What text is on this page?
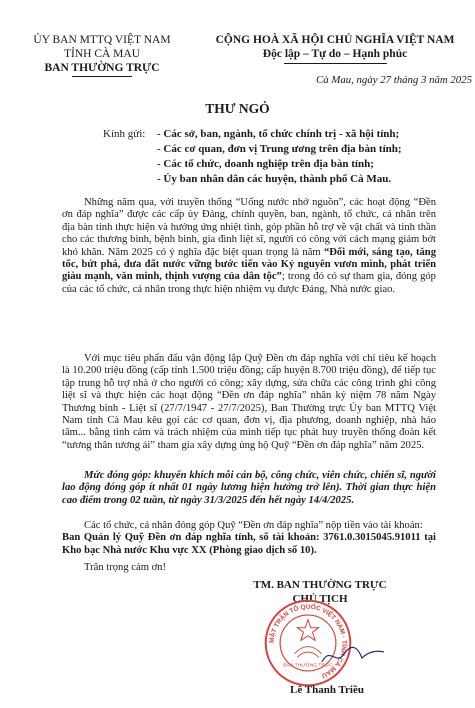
ỦY BAN MTTQ VIỆT NAM
TỈNH CÀ MAU
BAN THƯỜNG TRỰC
CỘNG HOÀ XÃ HỘI CHỦ NGHĨA VIỆT NAM
Độc lập – Tự do – Hạnh phúc
Cà Mau, ngày 27 tháng 3 năm 2025
THƯ NGỎ
Kính gửi: - Các sở, ban, ngành, tổ chức chính trị - xã hội tỉnh;
- Các cơ quan, đơn vị Trung ương trên địa bàn tỉnh;
- Các tổ chức, doanh nghiệp trên địa bàn tỉnh;
- Ủy ban nhân dân các huyện, thành phố Cà Mau.
Những năm qua, với truyền thống “Uống nước nhớ nguồn”, các hoạt động “Đền ơn đáp nghĩa” được các cấp ủy Đảng, chính quyền, ban, ngành, tổ chức, cá nhân trên địa bàn tỉnh thực hiện và hưởng ứng nhiệt tình, góp phần hỗ trợ về vật chất và tinh thần cho các thương binh, bệnh binh, gia đình liệt sĩ, người có công với cách mạng giảm bớt khó khăn. Năm 2025 có ý nghĩa đặc biệt quan trọng là năm “Đổi mới, sáng tạo, tăng tốc, bứt phá, đưa đất nước vững bước tiến vào Kỷ nguyên vươn mình, phát triển giàu mạnh, văn minh, thịnh vượng của dân tộc”; trong đó có sự tham gia, đóng góp của các tổ chức, cá nhân trong thực hiện nhiệm vụ được Đảng, Nhà nước giao.
Với mục tiêu phấn đấu vận động lập Quỹ Đền ơn đáp nghĩa với chỉ tiêu kế hoạch là 10.200 triệu đồng (cấp tỉnh 1.500 triệu đồng; cấp huyện 8.700 triệu đồng), để tiếp tục tập trung hỗ trợ nhà ở cho người có công; xây dựng, sửa chữa các công trình ghi công liệt sĩ và thực hiện các hoạt động “Đền ơn đáp nghĩa” nhân kỷ niệm 78 năm Ngày Thương binh - Liệt sĩ (27/7/1947 - 27/7/2025), Ban Thường trực Ủy ban MTTQ Việt Nam tỉnh Cà Mau kêu gọi các cơ quan, đơn vị, địa phương, doanh nghiệp, nhà hảo tâm... bằng tình cảm và trách nhiệm của mình tiếp tục phát huy truyền thống đoàn kết “tương thân tương ái” tham gia xây dựng ủng hộ Quỹ “Đền ơn đáp nghĩa” năm 2025.
Mức đóng góp: khuyến khích mỗi cán bộ, công chức, viên chức, chiến sĩ, người lao động đóng góp ít nhất 01 ngày lương hiện hưởng trở lên). Thời gian thực hiện cao điểm trong 02 tuần, từ ngày 31/3/2025 đến hết ngày 14/4/2025.
Các tổ chức, cá nhân đóng góp Quỹ “Đền ơn đáp nghĩa” nộp tiền vào tài khoản:
Ban Quản lý Quỹ Đền ơn đáp nghĩa tỉnh, số tài khoản: 3761.0.3015045.91011 tại Kho bạc Nhà nước Khu vực XX (Phòng giao dịch số 10).
Trân trọng cảm ơn!
TM. BAN THƯỜNG TRỰC
CHỦ TỊCH
MẶT TRẬN TỔ QUỐC VIỆT NAM · TỈNH CÀ MAU
BAN THƯỜNG TRỰC
Lê Thanh Triều
